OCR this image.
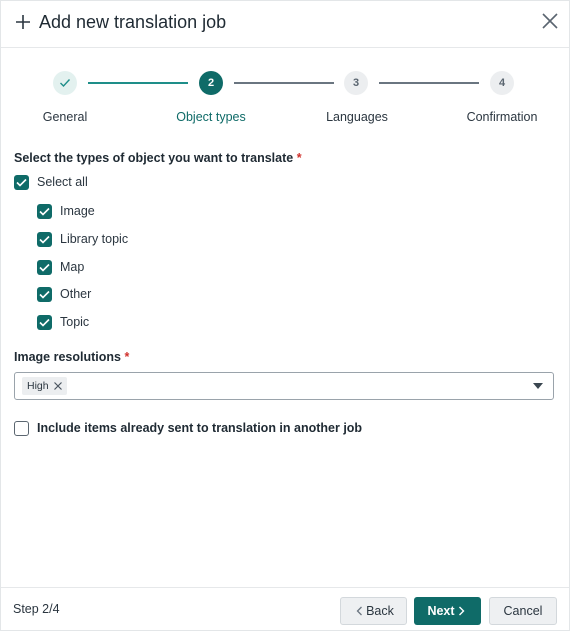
Add new translation job
2	3	4
General	Object types	Languages	Confirmation
Select the types of object you want to translate *
Select all
Image
Library topic
Map
Other
Topic
Image resolutions *
High
Include items already sent to translation in another job
Step 2/4	Back	Next	Cancel
